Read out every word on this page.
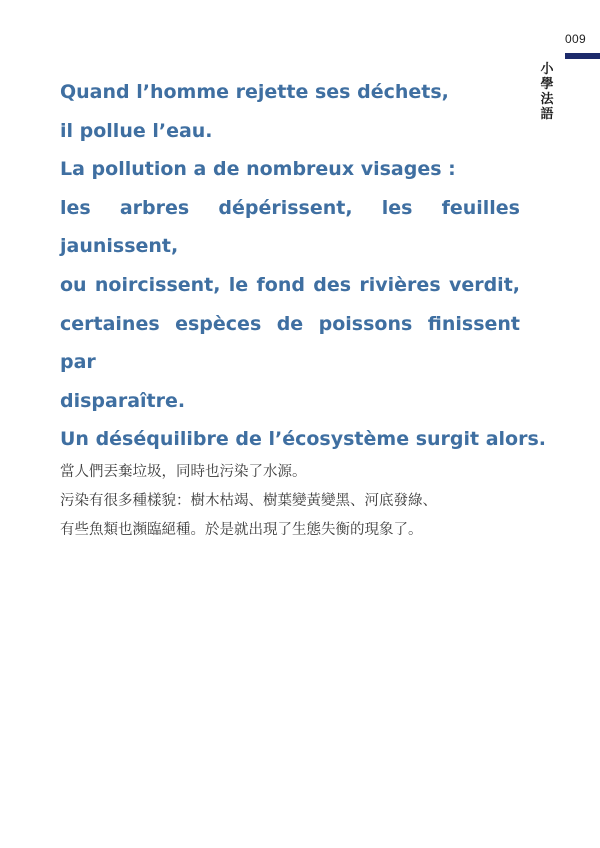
009
小
學
法
語
Quand l’homme rejette ses déchets,
il pollue l’eau.
La pollution a de nombreux visages :
les arbres dépérissent, les feuilles jaunissent,
ou noircissent, le fond des rivières verdit,
certaines espèces de poissons finissent par
disparaître.
Un déséquilibre de l’écosystème surgit alors.
當人們丟棄垃圾，同時也污染了水源。
污染有很多種樣貌：樹木枯竭、樹葉變黃變黑、河底發綠、
有些魚類也瀕臨絕種。於是就出現了生態失衡的現象了。
